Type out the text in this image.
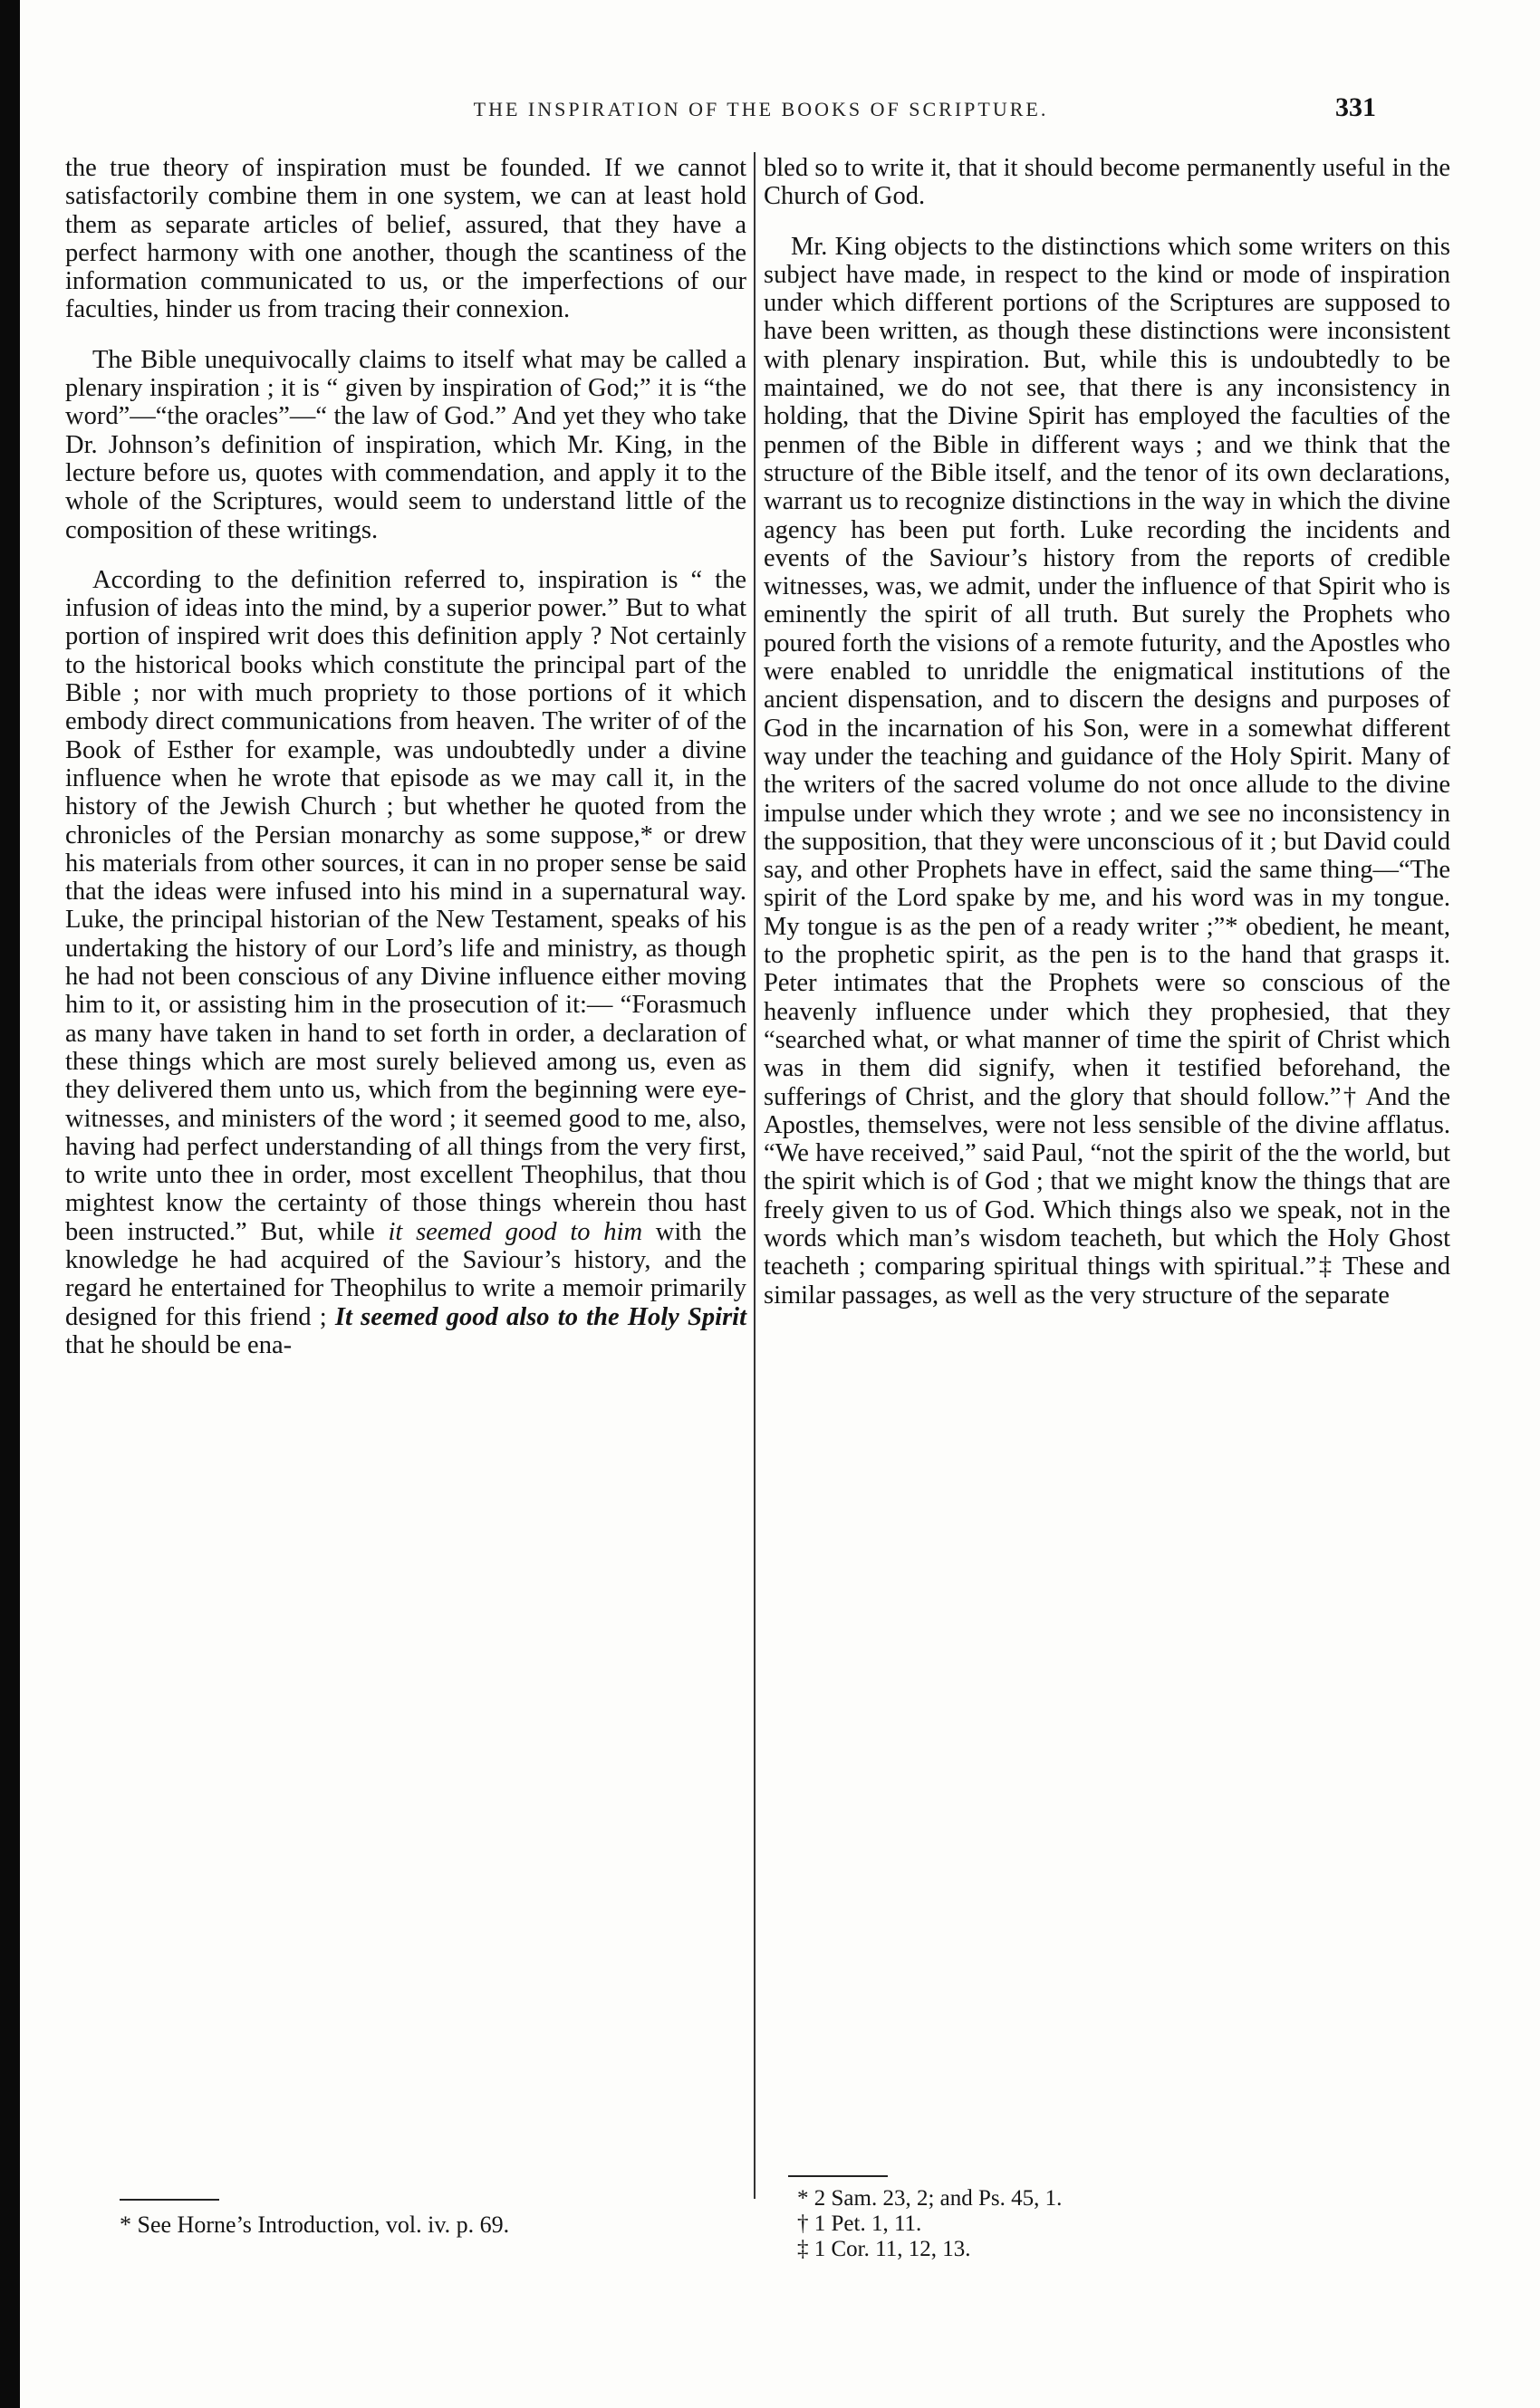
THE INSPIRATION OF THE BOOKS OF SCRIPTURE.	331

the true theory of inspiration must be founded. If we cannot satisfactorily combine them in one system, we can at least hold them as separate articles of belief, assured, that they have a perfect harmony with one another, though the scantiness of the information communicated to us, or the imperfections of our faculties, hinder us from tracing their connexion.

The Bible unequivocally claims to itself what may be called a plenary inspiration ; it is “ given by inspiration of God;” it is “the word”—“the oracles”—“ the law of God.” And yet they who take Dr. Johnson’s definition of inspiration, which Mr. King, in the lecture before us, quotes with commendation, and apply it to the whole of the Scriptures, would seem to understand little of the composition of these writings.

According to the definition referred to, inspiration is “ the infusion of ideas into the mind, by a superior power.” But to what portion of inspired writ does this definition apply ? Not certainly to the historical books which constitute the principal part of the Bible ; nor with much propriety to those portions of it which embody direct communications from heaven. The writer of of the Book of Esther for example, was undoubtedly under a divine influence when he wrote that episode as we may call it, in the history of the Jewish Church ; but whether he quoted from the chronicles of the Persian monarchy as some suppose,* or drew his materials from other sources, it can in no proper sense be said that the ideas were infused into his mind in a supernatural way. Luke, the principal historian of the New Testament, speaks of his undertaking the history of our Lord’s life and ministry, as though he had not been conscious of any Divine influence either moving him to it, or assisting him in the prosecution of it:— “Forasmuch as many have taken in hand to set forth in order, a declaration of these things which are most surely believed among us, even as they delivered them unto us, which from the beginning were eye-witnesses, and ministers of the word ; it seemed good to me, also, having had perfect understanding of all things from the very first, to write unto thee in order, most excellent Theophilus, that thou mightest know the certainty of those things wherein thou hast been instructed.” But, while it seemed good to him with the knowledge he had acquired of the Saviour’s history, and the regard he entertained for Theophilus to write a memoir primarily designed for this friend ; It seemed good also to the Holy Spirit that he should be ena-

bled so to write it, that it should become permanently useful in the Church of God.

Mr. King objects to the distinctions which some writers on this subject have made, in respect to the kind or mode of inspiration under which different portions of the Scriptures are supposed to have been written, as though these distinctions were inconsistent with plenary inspiration. But, while this is undoubtedly to be maintained, we do not see, that there is any inconsistency in holding, that the Divine Spirit has employed the faculties of the penmen of the Bible in different ways ; and we think that the structure of the Bible itself, and the tenor of its own declarations, warrant us to recognize distinctions in the way in which the divine agency has been put forth. Luke recording the incidents and events of the Saviour’s history from the reports of credible witnesses, was, we admit, under the influence of that Spirit who is eminently the spirit of all truth. But surely the Prophets who poured forth the visions of a remote futurity, and the Apostles who were enabled to unriddle the enigmatical institutions of the ancient dispensation, and to discern the designs and purposes of God in the incarnation of his Son, were in a somewhat different way under the teaching and guidance of the Holy Spirit. Many of the writers of the sacred volume do not once allude to the divine impulse under which they wrote ; and we see no inconsistency in the supposition, that they were unconscious of it ; but David could say, and other Prophets have in effect, said the same thing—“The spirit of the Lord spake by me, and his word was in my tongue. My tongue is as the pen of a ready writer ;”* obedient, he meant, to the prophetic spirit, as the pen is to the hand that grasps it. Peter intimates that the Prophets were so conscious of the heavenly influence under which they prophesied, that they “searched what, or what manner of time the spirit of Christ which was in them did signify, when it testified beforehand, the sufferings of Christ, and the glory that should follow.”† And the Apostles, themselves, were not less sensible of the divine afflatus. “We have received,” said Paul, “not the spirit of the the world, but the spirit which is of God ; that we might know the things that are freely given to us of God. Which things also we speak, not in the words which man’s wisdom teacheth, but which the Holy Ghost teacheth ; comparing spiritual things with spiritual.”‡ These and similar passages, as well as the very structure of the separate

* See Horne’s Introduction, vol. iv. p. 69.
* 2 Sam. 23, 2; and Ps. 45, 1.
† 1 Pet. 1, 11.
‡ 1 Cor. 11, 12, 13.
